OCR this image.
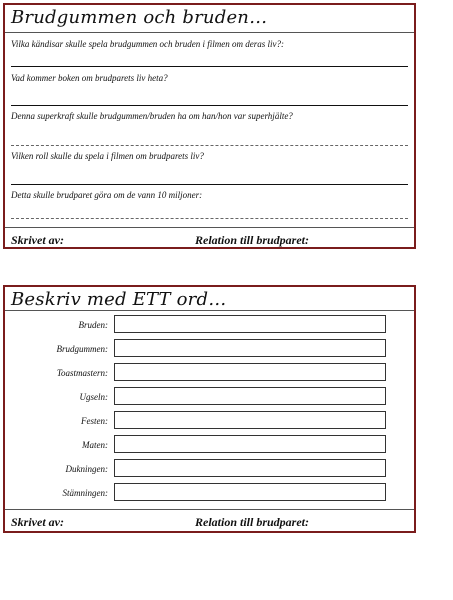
Brudgummen och bruden…
Vilka kändisar skulle spela brudgummen och bruden i filmen om deras liv?:
Vad kommer boken om brudparets liv heta?
Denna superkraft skulle brudgummen/bruden ha om han/hon var superhjälte?
Vilken roll skulle du spela i filmen om brudparets liv?
Detta skulle brudparet göra om de vann 10 miljoner:
Skrivet av:	Relation till brudparet:
Beskriv med ETT ord…
Bruden:
Brudgummen:
Toastmastern:
Ugseln:
Festen:
Maten:
Dukningen:
Stämningen:
Skrivet av:	Relation till brudparet:
